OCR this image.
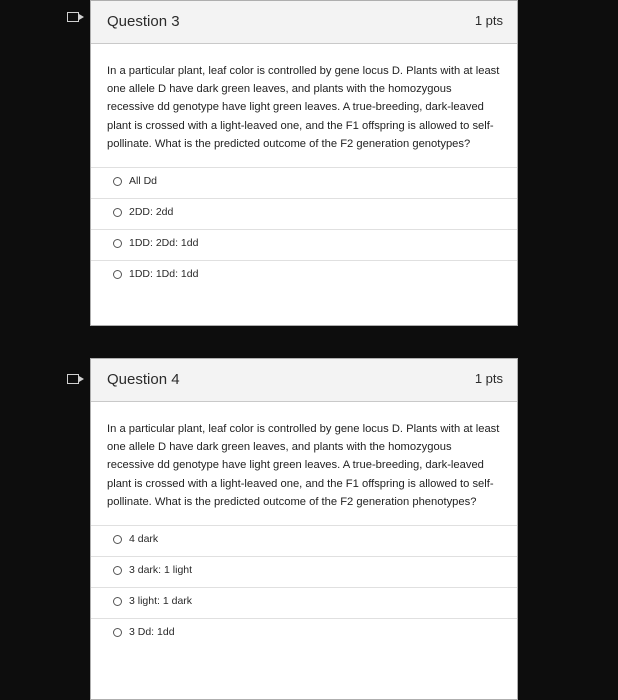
Question 3	1 pts

In a particular plant, leaf color is controlled by gene locus D. Plants with at least one allele D have dark green leaves, and plants with the homozygous recessive dd genotype have light green leaves. A true-breeding, dark-leaved plant is crossed with a light-leaved one, and the F1 offspring is allowed to self-pollinate. What is the predicted outcome of the F2 generation genotypes?

All Dd
2DD: 2dd
1DD: 2Dd: 1dd
1DD: 1Dd: 1dd
Question 4	1 pts

In a particular plant, leaf color is controlled by gene locus D. Plants with at least one allele D have dark green leaves, and plants with the homozygous recessive dd genotype have light green leaves. A true-breeding, dark-leaved plant is crossed with a light-leaved one, and the F1 offspring is allowed to self-pollinate. What is the predicted outcome of the F2 generation phenotypes?

4 dark
3 dark: 1 light
3 light: 1 dark
3 Dd: 1dd
